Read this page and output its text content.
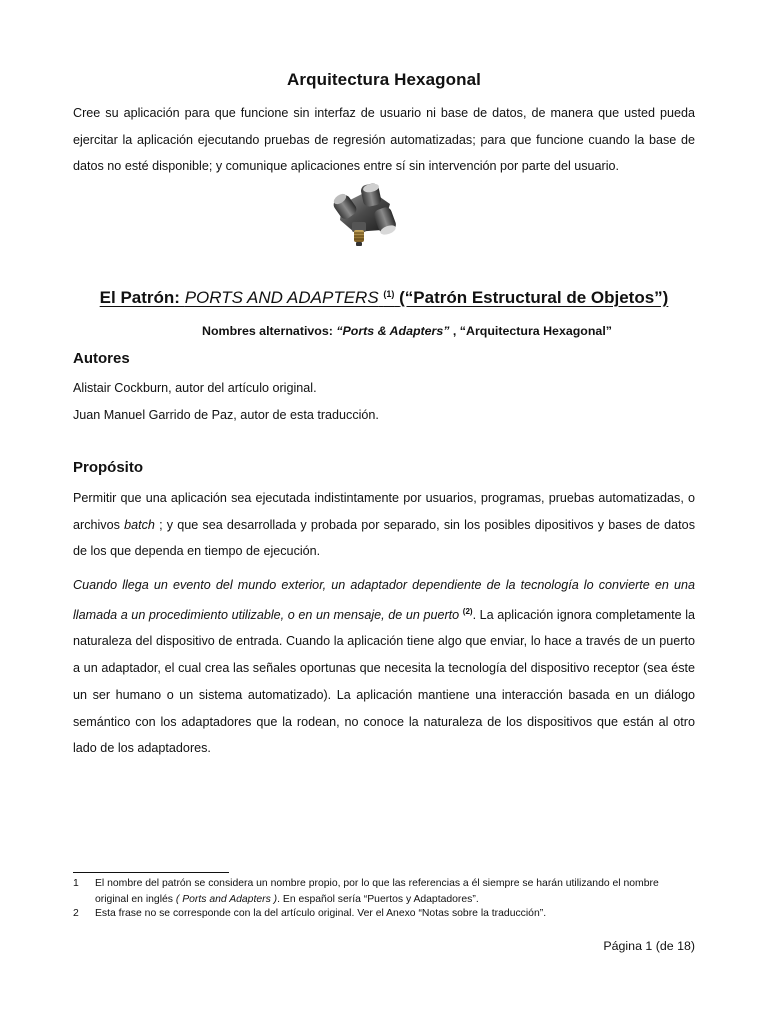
Arquitectura Hexagonal

Cree su aplicación para que funcione sin interfaz de usuario ni base de datos, de manera que usted pueda ejercitar la aplicación ejecutando pruebas de regresión automatizadas; para que funcione cuando la base de datos no esté disponible; y comunique aplicaciones entre sí sin intervención por parte del usuario.

El Patrón: PORTS AND ADAPTERS $^{(1)}$ (“Patrón Estructural de Objetos”)
Nombres alternativos: “Ports & Adapters” , “Arquitectura Hexagonal”
Autores
Alistair Cockburn, autor del artículo original.
Juan Manuel Garrido de Paz, autor de esta traducción.
Propósito

Permitir que una aplicación sea ejecutada indistintamente por usuarios, programas, pruebas automatizadas, o archivos batch ; y que sea desarrollada y probada por separado, sin los posibles dipositivos y bases de datos de los que dependa en tiempo de ejecución.

Cuando llega un evento del mundo exterior, un adaptador dependiente de la tecnología lo convierte en una llamada a un procedimiento utilizable, o en un mensaje, de un puerto $^{(2)}$. La aplicación ignora completamente la naturaleza del dispositivo de entrada. Cuando la aplicación tiene algo que enviar, lo hace a través de un puerto a un adaptador, el cual crea las señales oportunas que necesita la tecnología del dispositivo receptor (sea éste un ser humano o un sistema automatizado). La aplicación mantiene una interacción basada en un diálogo semántico con los adaptadores que la rodean, no conoce la naturaleza de los dispositivos que están al otro lado de los adaptadores.

1	El nombre del patrón se considera un nombre propio, por lo que las referencias a él siempre se harán utilizando el nombre original en inglés ( Ports and Adapters ). En español sería “Puertos y Adaptadores”.
2	Esta frase no se corresponde con la del artículo original. Ver el Anexo “Notas sobre la traducción”.
Página 1 (de 18)
